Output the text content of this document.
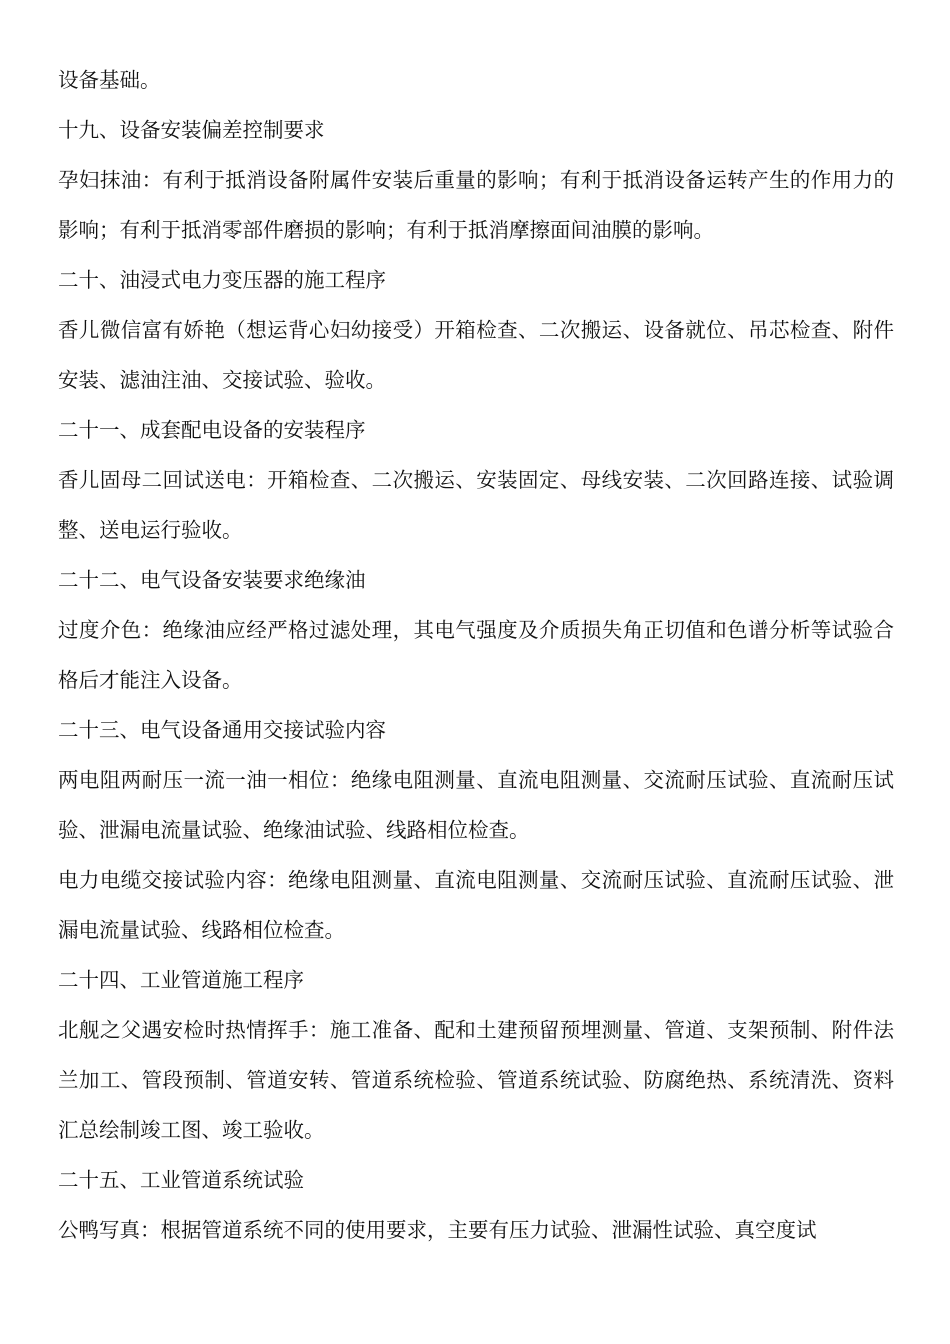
设备基础。

十九、设备安装偏差控制要求

孕妇抹油：有利于抵消设备附属件安装后重量的影响；有利于抵消设备运转产生的作用力的影响；有利于抵消零部件磨损的影响；有利于抵消摩擦面间油膜的影响。

二十、油浸式电力变压器的施工程序

香儿微信富有娇艳（想运背心妇幼接受）开箱检查、二次搬运、设备就位、吊芯检查、附件安装、滤油注油、交接试验、验收。

二十一、成套配电设备的安装程序

香儿固母二回试送电：开箱检查、二次搬运、安装固定、母线安装、二次回路连接、试验调整、送电运行验收。

二十二、电气设备安装要求绝缘油

过度介色：绝缘油应经严格过滤处理，其电气强度及介质损失角正切值和色谱分析等试验合格后才能注入设备。

二十三、电气设备通用交接试验内容

两电阻两耐压一流一油一相位：绝缘电阻测量、直流电阻测量、交流耐压试验、直流耐压试验、泄漏电流量试验、绝缘油试验、线路相位检查。

电力电缆交接试验内容：绝缘电阻测量、直流电阻测量、交流耐压试验、直流耐压试验、泄漏电流量试验、线路相位检查。

二十四、工业管道施工程序

北舰之父遇安检时热情挥手：施工准备、配和土建预留预埋测量、管道、支架预制、附件法兰加工、管段预制、管道安转、管道系统检验、管道系统试验、防腐绝热、系统清洗、资料汇总绘制竣工图、竣工验收。

二十五、工业管道系统试验

公鸭写真：根据管道系统不同的使用要求，主要有压力试验、泄漏性试验、真空度试
